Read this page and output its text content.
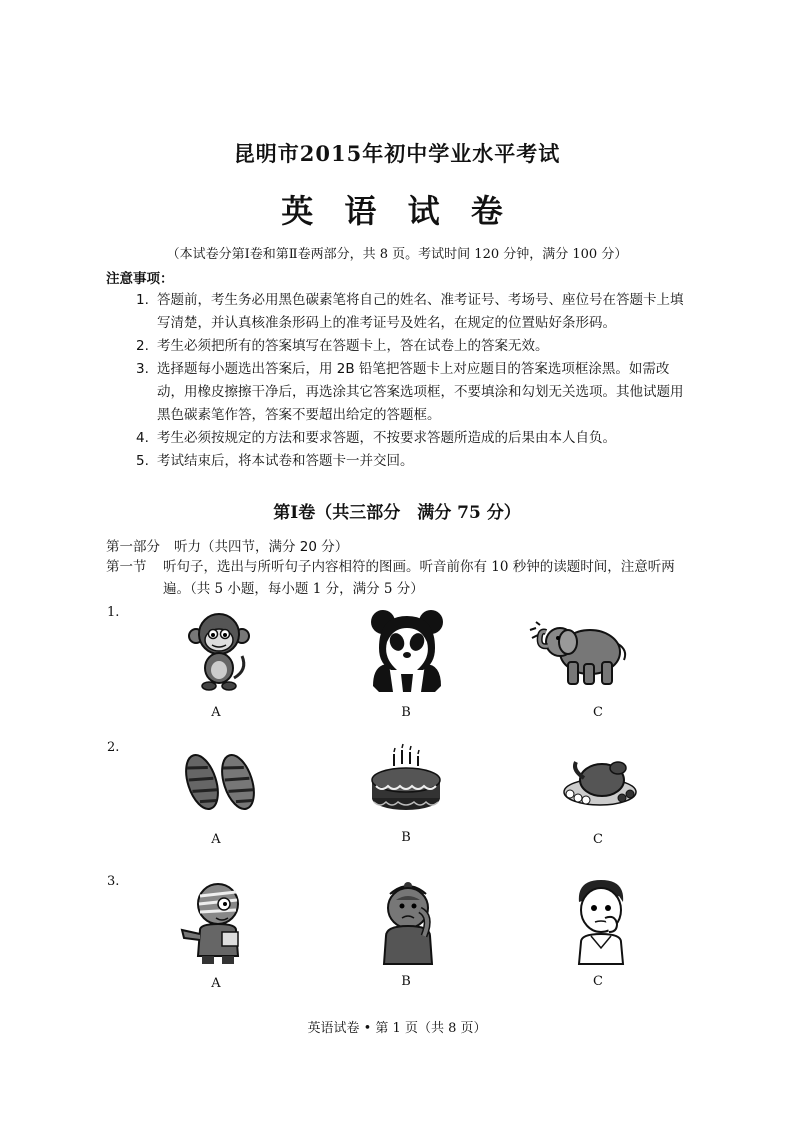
昆明市2015年初中学业水平考试
英 语 试 卷
（本试卷分第Ⅰ卷和第Ⅱ卷两部分，共 8 页。考试时间 120 分钟，满分 100 分）
注意事项：
1. 答题前，考生务必用黑色碳素笔将自己的姓名、准考证号、考场号、座位号在答题卡上填写清楚，并认真核准条形码上的准考证号及姓名，在规定的位置贴好条形码。
2. 考生必须把所有的答案填写在答题卡上，答在试卷上的答案无效。
3. 选择题每小题选出答案后，用 2B 铅笔把答题卡上对应题目的答案选项框涂黑。如需改动，用橡皮擦擦干净后，再选涂其它答案选项框，不要填涂和勾划无关选项。其他试题用黑色碳素笔作答，答案不要超出给定的答题框。
4. 考生必须按规定的方法和要求答题，不按要求答题所造成的后果由本人自负。
5. 考试结束后，将本试卷和答题卡一并交回。
第Ⅰ卷（共三部分　满分 75 分）
第一部分 听力（共四节，满分 20 分）
第一节 听句子，选出与所听句子内容相符的图画。听音前你有 10 秒钟的读题时间，注意听两遍。（共 5 小题，每小题 1 分，满分 5 分）
1.
A	B	C
2.
A	B	C
3.
A	B	C
英语试卷 • 第 1 页（共 8 页）
